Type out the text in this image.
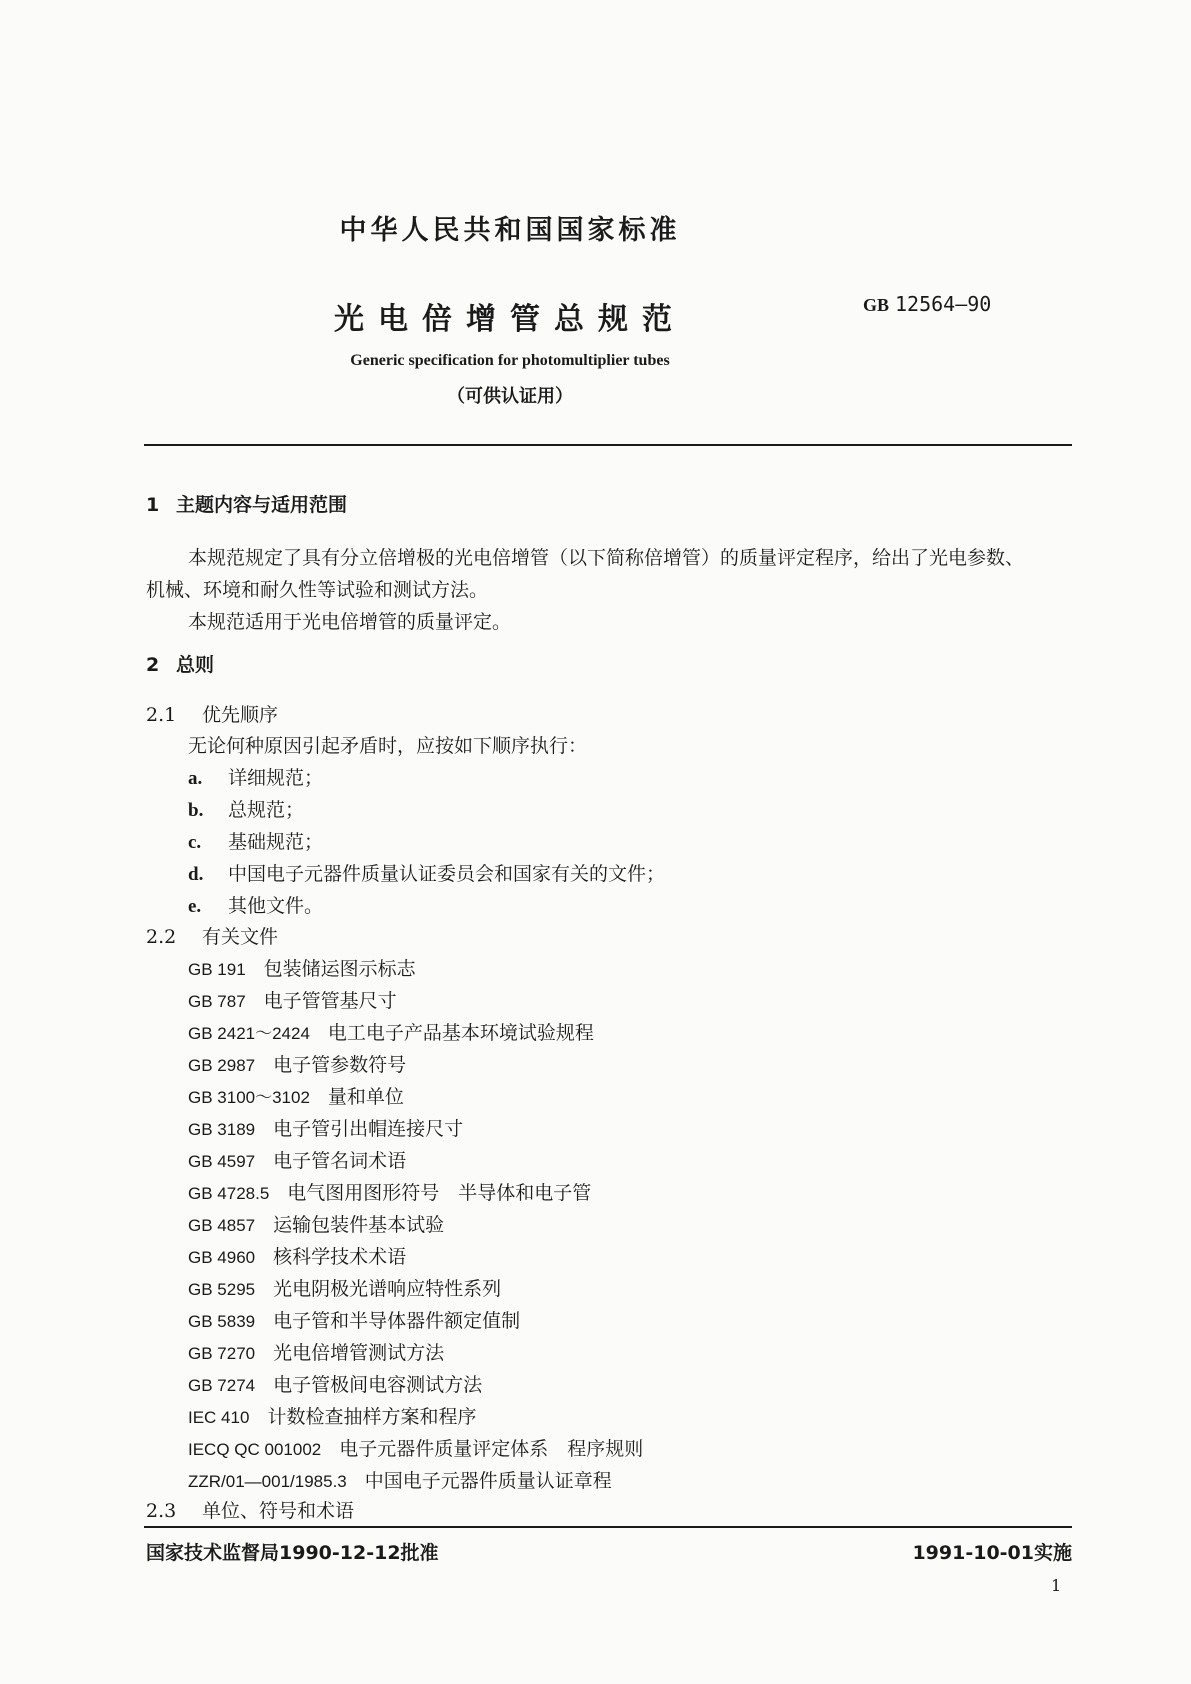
中华人民共和国国家标准
光电倍增管总规范	GB 12564—90
Generic specification for photomultiplier tubes
（可供认证用）
1 主题内容与适用范围
本规范规定了具有分立倍增极的光电倍增管（以下简称倍增管）的质量评定程序，给出了光电参数、
机械、环境和耐久性等试验和测试方法。
本规范适用于光电倍增管的质量评定。
2 总则
2.1 优先顺序
无论何种原因引起矛盾时，应按如下顺序执行：
a. 详细规范；
b. 总规范；
c. 基础规范；
d. 中国电子元器件质量认证委员会和国家有关的文件；
e. 其他文件。
2.2 有关文件
GB 191 包装储运图示标志
GB 787 电子管管基尺寸
GB 2421～2424 电工电子产品基本环境试验规程
GB 2987 电子管参数符号
GB 3100～3102 量和单位
GB 3189 电子管引出帽连接尺寸
GB 4597 电子管名词术语
GB 4728.5 电气图用图形符号　半导体和电子管
GB 4857 运输包装件基本试验
GB 4960 核科学技术术语
GB 5295 光电阴极光谱响应特性系列
GB 5839 电子管和半导体器件额定值制
GB 7270 光电倍增管测试方法
GB 7274 电子管极间电容测试方法
IEC 410 计数检查抽样方案和程序
IECQ QC 001002 电子元器件质量评定体系　程序规则
ZZR/01—001/1985.3 中国电子元器件质量认证章程
2.3 单位、符号和术语
国家技术监督局1990-12-12批准	1991-10-01实施
1
